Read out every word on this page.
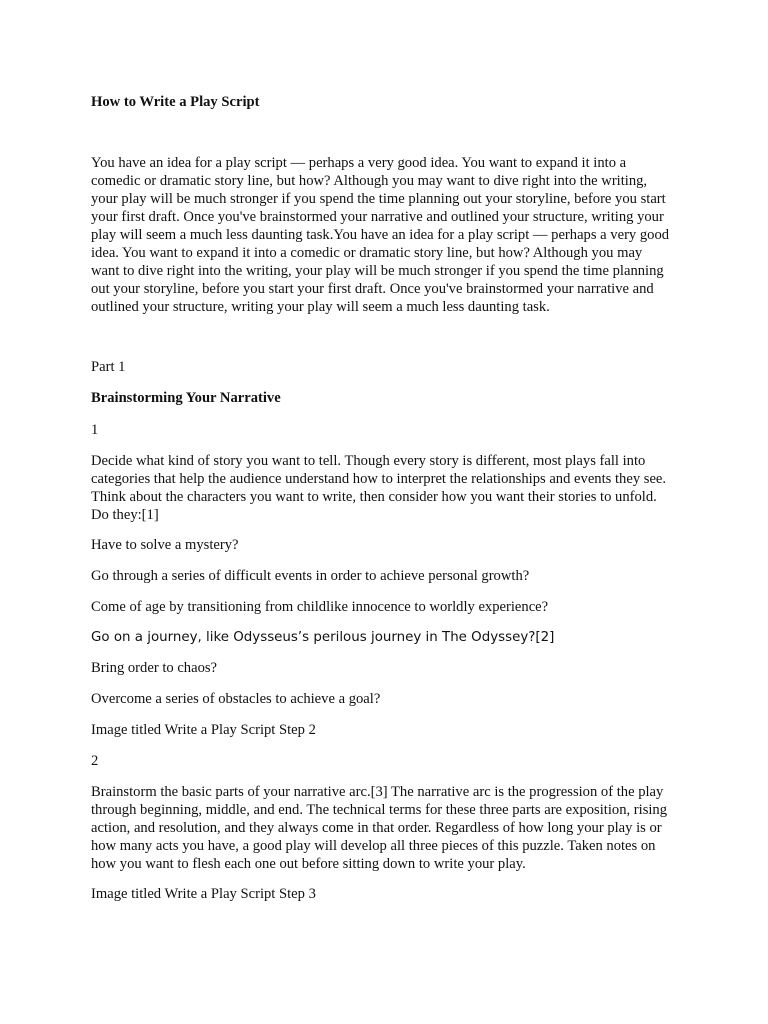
How to Write a Play Script
You have an idea for a play script — perhaps a very good idea. You want to expand it into a
comedic or dramatic story line, but how? Although you may want to dive right into the writing,
your play will be much stronger if you spend the time planning out your storyline, before you start
your first draft. Once you've brainstormed your narrative and outlined your structure, writing your
play will seem a much less daunting task.You have an idea for a play script — perhaps a very good
idea. You want to expand it into a comedic or dramatic story line, but how? Although you may
want to dive right into the writing, your play will be much stronger if you spend the time planning
out your storyline, before you start your first draft. Once you've brainstormed your narrative and
outlined your structure, writing your play will seem a much less daunting task.
Part 1
Brainstorming Your Narrative
1
Decide what kind of story you want to tell. Though every story is different, most plays fall into
categories that help the audience understand how to interpret the relationships and events they see.
Think about the characters you want to write, then consider how you want their stories to unfold.
Do they:[1]
Have to solve a mystery?
Go through a series of difficult events in order to achieve personal growth?
Come of age by transitioning from childlike innocence to worldly experience?
Go on a journey, like Odysseus’s perilous journey in The Odyssey?[2]
Bring order to chaos?
Overcome a series of obstacles to achieve a goal?
Image titled Write a Play Script Step 2
2
Brainstorm the basic parts of your narrative arc.[3] The narrative arc is the progression of the play
through beginning, middle, and end. The technical terms for these three parts are exposition, rising
action, and resolution, and they always come in that order. Regardless of how long your play is or
how many acts you have, a good play will develop all three pieces of this puzzle. Taken notes on
how you want to flesh each one out before sitting down to write your play.
Image titled Write a Play Script Step 3
